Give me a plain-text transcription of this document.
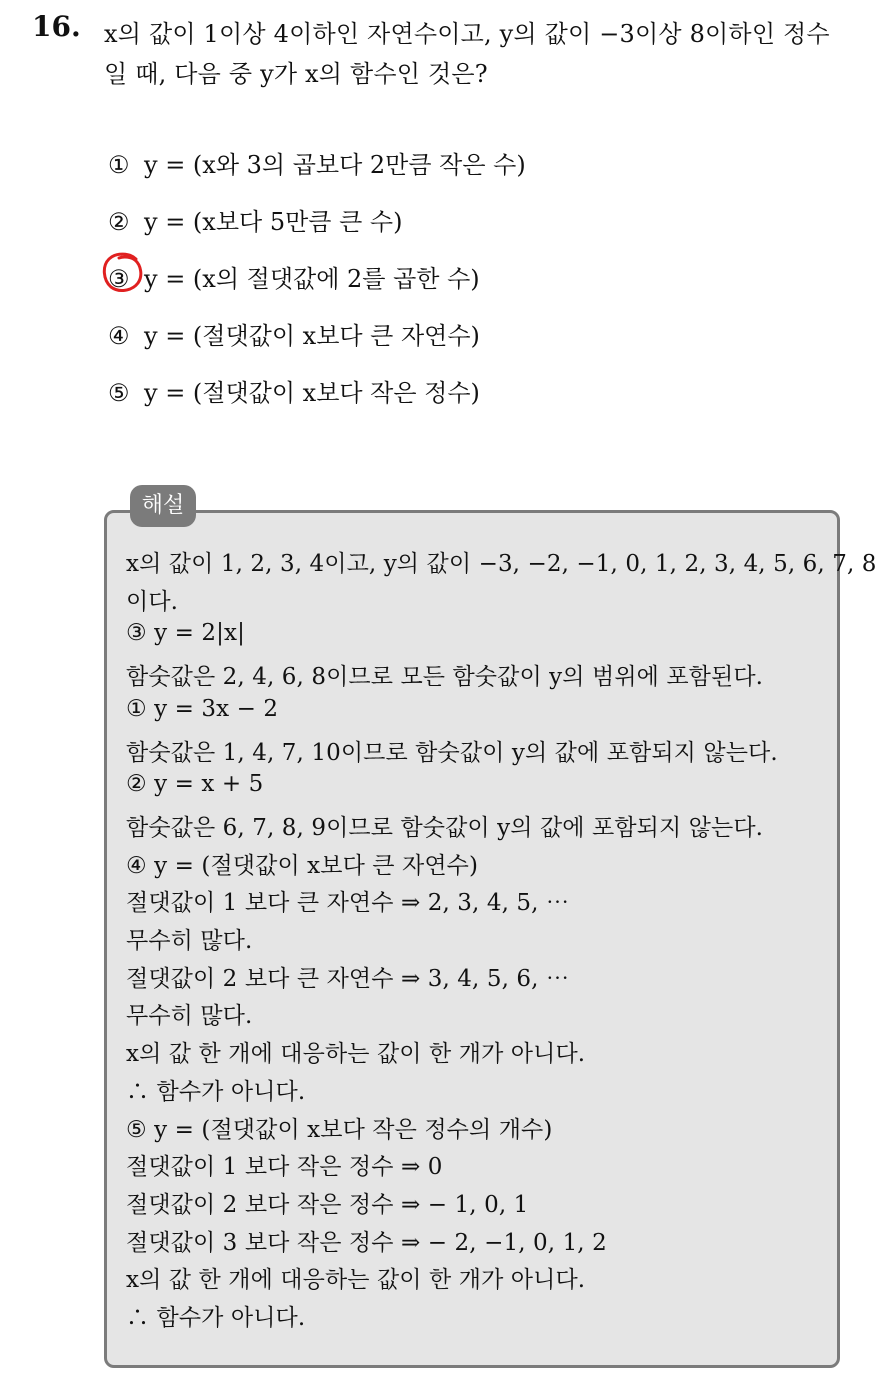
16. x의 값이 1이상 4이하인 자연수이고, y의 값이 −3이상 8이하인 정수
일 때, 다음 중 y가 x의 함수인 것은?
① y = (x와 3의 곱보다 2만큼 작은 수)
② y = (x보다 5만큼 큰 수)
③ y = (x의 절댓값에 2를 곱한 수)
④ y = (절댓값이 x보다 큰 자연수)
⑤ y = (절댓값이 x보다 작은 정수)
해설
x의 값이 1, 2, 3, 4이고, y의 값이 −3, −2, −1, 0, 1, 2, 3, 4, 5, 6, 7, 8
이다.
③ y = 2|x|
함숫값은 2, 4, 6, 8이므로 모든 함숫값이 y의 범위에 포함된다.
① y = 3x − 2
함숫값은 1, 4, 7, 10이므로 함숫값이 y의 값에 포함되지 않는다.
② y = x + 5
함숫값은 6, 7, 8, 9이므로 함숫값이 y의 값에 포함되지 않는다.
④ y = (절댓값이 x보다 큰 자연수)
절댓값이 1 보다 큰 자연수 ⇒ 2, 3, 4, 5, ⋯
무수히 많다.
절댓값이 2 보다 큰 자연수 ⇒ 3, 4, 5, 6, ⋯
무수히 많다.
x의 값 한 개에 대응하는 값이 한 개가 아니다.
∴ 함수가 아니다.
⑤ y = (절댓값이 x보다 작은 정수의 개수)
절댓값이 1 보다 작은 정수 ⇒ 0
절댓값이 2 보다 작은 정수 ⇒ − 1, 0, 1
절댓값이 3 보다 작은 정수 ⇒ − 2, −1, 0, 1, 2
x의 값 한 개에 대응하는 값이 한 개가 아니다.
∴ 함수가 아니다.
